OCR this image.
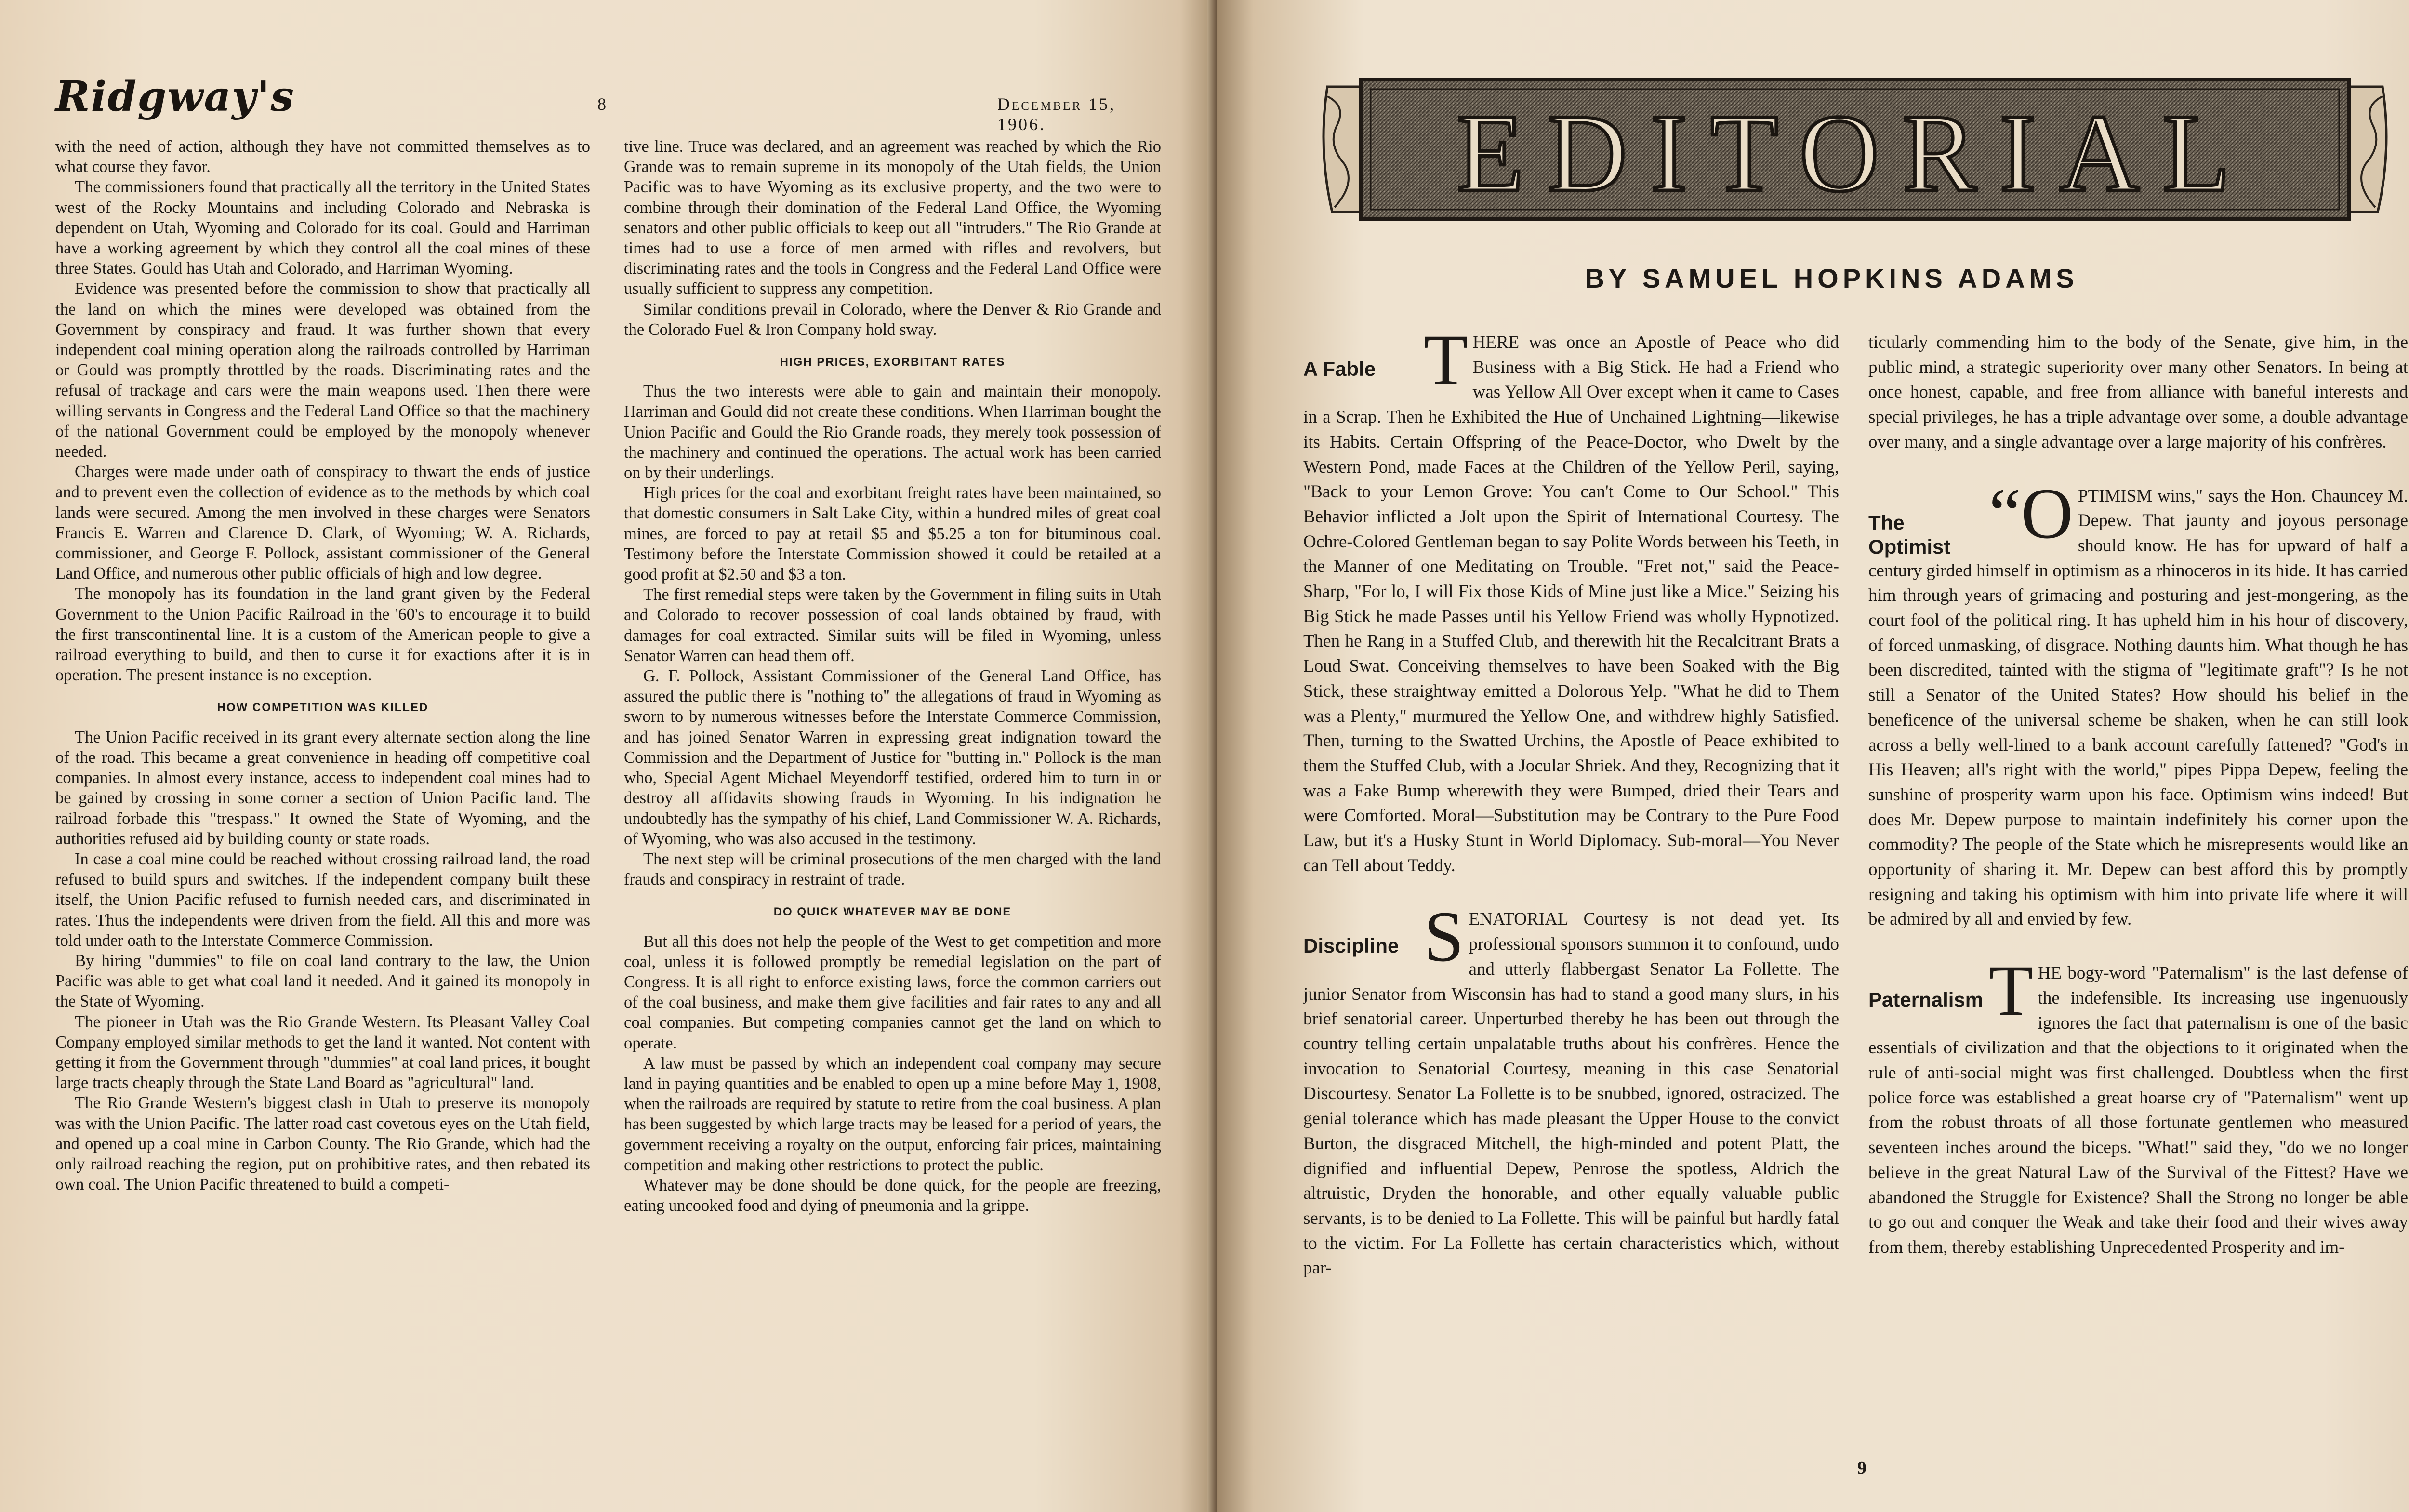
Ridgway's	8	December 15, 1906.

with the need of action, although they have not committed themselves as to what course they favor.

The commissioners found that practically all the territory in the United States west of the Rocky Mountains and including Colorado and Nebraska is dependent on Utah, Wyoming and Colorado for its coal. Gould and Harriman have a working agreement by which they control all the coal mines of these three States. Gould has Utah and Colorado, and Harriman Wyoming.

Evidence was presented before the commission to show that practically all the land on which the mines were developed was obtained from the Government by conspiracy and fraud. It was further shown that every independent coal mining operation along the railroads controlled by Harriman or Gould was promptly throttled by the roads. Discriminating rates and the refusal of trackage and cars were the main weapons used. Then there were willing servants in Congress and the Federal Land Office so that the machinery of the national Government could be employed by the monopoly whenever needed.

Charges were made under oath of conspiracy to thwart the ends of justice and to prevent even the collection of evidence as to the methods by which coal lands were secured. Among the men involved in these charges were Senators Francis E. Warren and Clarence D. Clark, of Wyoming; W. A. Richards, commissioner, and George F. Pollock, assistant commissioner of the General Land Office, and numerous other public officials of high and low degree.

The monopoly has its foundation in the land grant given by the Federal Government to the Union Pacific Railroad in the '60's to encourage it to build the first transcontinental line. It is a custom of the American people to give a railroad everything to build, and then to curse it for exactions after it is in operation. The present instance is no exception.

HOW COMPETITION WAS KILLED

The Union Pacific received in its grant every alternate section along the line of the road. This became a great convenience in heading off competitive coal companies. In almost every instance, access to independent coal mines had to be gained by crossing in some corner a section of Union Pacific land. The railroad forbade this "trespass." It owned the State of Wyoming, and the authorities refused aid by building county or state roads.

In case a coal mine could be reached without crossing railroad land, the road refused to build spurs and switches. If the independent company built these itself, the Union Pacific refused to furnish needed cars, and discriminated in rates. Thus the independents were driven from the field. All this and more was told under oath to the Interstate Commerce Commission.

By hiring "dummies" to file on coal land contrary to the law, the Union Pacific was able to get what coal land it needed. And it gained its monopoly in the State of Wyoming.

The pioneer in Utah was the Rio Grande Western. Its Pleasant Valley Coal Company employed similar methods to get the land it wanted. Not content with getting it from the Government through "dummies" at coal land prices, it bought large tracts cheaply through the State Land Board as "agricultural" land.

The Rio Grande Western's biggest clash in Utah to preserve its monopoly was with the Union Pacific. The latter road cast covetous eyes on the Utah field, and opened up a coal mine in Carbon County. The Rio Grande, which had the only railroad reaching the region, put on prohibitive rates, and then rebated its own coal. The Union Pacific threatened to build a competi-

tive line. Truce was declared, and an agreement was reached by which the Rio Grande was to remain supreme in its monopoly of the Utah fields, the Union Pacific was to have Wyoming as its exclusive property, and the two were to combine through their domination of the Federal Land Office, the Wyoming senators and other public officials to keep out all "intruders." The Rio Grande at times had to use a force of men armed with rifles and revolvers, but discriminating rates and the tools in Congress and the Federal Land Office were usually sufficient to suppress any competition.

Similar conditions prevail in Colorado, where the Denver & Rio Grande and the Colorado Fuel & Iron Company hold sway.

HIGH PRICES, EXORBITANT RATES

Thus the two interests were able to gain and maintain their monopoly. Harriman and Gould did not create these conditions. When Harriman bought the Union Pacific and Gould the Rio Grande roads, they merely took possession of the machinery and continued the operations. The actual work has been carried on by their underlings.

High prices for the coal and exorbitant freight rates have been maintained, so that domestic consumers in Salt Lake City, within a hundred miles of great coal mines, are forced to pay at retail $5 and $5.25 a ton for bituminous coal. Testimony before the Interstate Commission showed it could be retailed at a good profit at $2.50 and $3 a ton.

The first remedial steps were taken by the Government in filing suits in Utah and Colorado to recover possession of coal lands obtained by fraud, with damages for coal extracted. Similar suits will be filed in Wyoming, unless Senator Warren can head them off.

G. F. Pollock, Assistant Commissioner of the General Land Office, has assured the public there is "nothing to" the allegations of fraud in Wyoming as sworn to by numerous witnesses before the Interstate Commerce Commission, and has joined Senator Warren in expressing great indignation toward the Commission and the Department of Justice for "butting in." Pollock is the man who, Special Agent Michael Meyendorff testified, ordered him to turn in or destroy all affidavits showing frauds in Wyoming. In his indignation he undoubtedly has the sympathy of his chief, Land Commissioner W. A. Richards, of Wyoming, who was also accused in the testimony.

The next step will be criminal prosecutions of the men charged with the land frauds and conspiracy in restraint of trade.

DO QUICK WHATEVER MAY BE DONE

But all this does not help the people of the West to get competition and more coal, unless it is followed promptly be remedial legislation on the part of Congress. It is all right to enforce existing laws, force the common carriers out of the coal business, and make them give facilities and fair rates to any and all coal companies. But competing companies cannot get the land on which to operate.

A law must be passed by which an independent coal company may secure land in paying quantities and be enabled to open up a mine before May 1, 1908, when the railroads are required by statute to retire from the coal business. A plan has been suggested by which large tracts may be leased for a period of years, the government receiving a royalty on the output, enforcing fair prices, maintaining competition and making other restrictions to protect the public.

Whatever may be done should be done quick, for the people are freezing, eating uncooked food and dying of pneumonia and la grippe.

EDITORIAL
BY SAMUEL HOPKINS ADAMS
A Fable THERE was once an Apostle of Peace who did Business with a Big Stick. He had a Friend who was Yellow All Over except when it came to Cases in a Scrap. Then he Exhibited the Hue of Unchained Lightning—likewise its Habits. Certain Offspring of the Peace-Doctor, who Dwelt by the Western Pond, made Faces at the Children of the Yellow Peril, saying, "Back to your Lemon Grove: You can't Come to Our School." This Behavior inflicted a Jolt upon the Spirit of International Courtesy. The Ochre-Colored Gentleman began to say Polite Words between his Teeth, in the Manner of one Meditating on Trouble. "Fret not," said the Peace-Sharp, "For lo, I will Fix those Kids of Mine just like a Mice." Seizing his Big Stick he made Passes until his Yellow Friend was wholly Hypnotized. Then he Rang in a Stuffed Club, and therewith hit the Recalcitrant Brats a Loud Swat. Conceiving themselves to have been Soaked with the Big Stick, these straightway emitted a Dolorous Yelp. "What he did to Them was a Plenty," murmured the Yellow One, and withdrew highly Satisfied. Then, turning to the Swatted Urchins, the Apostle of Peace exhibited to them the Stuffed Club, with a Jocular Shriek. And they, Recognizing that it was a Fake Bump wherewith they were Bumped, dried their Tears and were Comforted. Moral—Substitution may be Contrary to the Pure Food Law, but it's a Husky Stunt in World Diplomacy. Sub-moral—You Never can Tell about Teddy.

Discipline SENATORIAL Courtesy is not dead yet. Its professional sponsors summon it to confound, undo and utterly flabbergast Senator La Follette. The junior Senator from Wisconsin has had to stand a good many slurs, in his brief senatorial career. Unperturbed thereby he has been out through the country telling certain unpalatable truths about his confrères. Hence the invocation to Senatorial Courtesy, meaning in this case Senatorial Discourtesy. Senator La Follette is to be snubbed, ignored, ostracized. The genial tolerance which has made pleasant the Upper House to the convict Burton, the disgraced Mitchell, the high-minded and potent Platt, the dignified and influential Depew, Penrose the spotless, Aldrich the altruistic, Dryden the honorable, and other equally valuable public servants, is to be denied to La Follette. This will be painful but hardly fatal to the victim. For La Follette has certain characteristics which, without par-

ticularly commending him to the body of the Senate, give him, in the public mind, a strategic superiority over many other Senators. In being at once honest, capable, and free from alliance with baneful interests and special privileges, he has a triple advantage over some, a double advantage over many, and a single advantage over a large majority of his confrères.

The Optimist “OPTIMISM wins," says the Hon. Chauncey M. Depew. That jaunty and joyous personage should know. He has for upward of half a century girded himself in optimism as a rhinoceros in its hide. It has carried him through years of grimacing and posturing and jest-mongering, as the court fool of the political ring. It has upheld him in his hour of discovery, of forced unmasking, of disgrace. Nothing daunts him. What though he has been discredited, tainted with the stigma of "legitimate graft"? Is he not still a Senator of the United States? How should his belief in the beneficence of the universal scheme be shaken, when he can still look across a belly well-lined to a bank account carefully fattened? "God's in His Heaven; all's right with the world," pipes Pippa Depew, feeling the sunshine of prosperity warm upon his face. Optimism wins indeed! But does Mr. Depew purpose to maintain indefinitely his corner upon the commodity? The people of the State which he misrepresents would like an opportunity of sharing it. Mr. Depew can best afford this by promptly resigning and taking his optimism with him into private life where it will be admired by all and envied by few.

Paternalism THE bogy-word "Paternalism" is the last defense of the indefensible. Its increasing use ingenuously ignores the fact that paternalism is one of the basic essentials of civilization and that the objections to it originated when the rule of anti-social might was first challenged. Doubtless when the first police force was established a great hoarse cry of "Paternalism" went up from the robust throats of all those fortunate gentlemen who measured seventeen inches around the biceps. "What!" said they, "do we no longer believe in the great Natural Law of the Survival of the Fittest? Have we abandoned the Struggle for Existence? Shall the Strong no longer be able to go out and conquer the Weak and take their food and their wives away from them, thereby establishing Unprecedented Prosperity and im-

9
